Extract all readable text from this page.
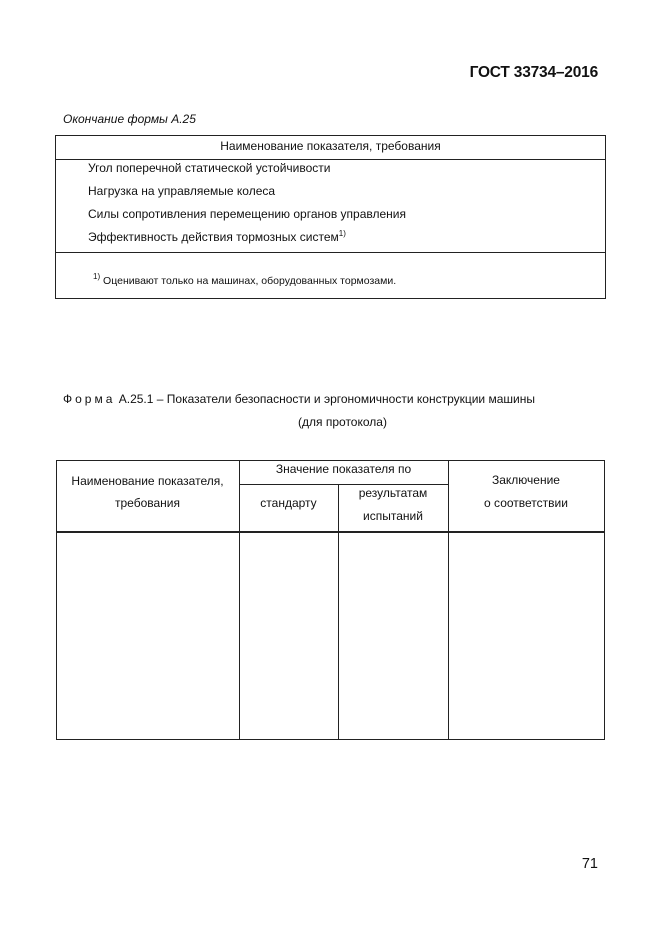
ГОСТ 33734–2016
Окончание формы А.25
Наименование показателя, требования
Угол поперечной статической устойчивости
Нагрузка на управляемые колеса
Силы сопротивления перемещению органов управления
Эффективность действия тормозных систем$^{1)}$
$^{1)}$ Оценивают только на машинах, оборудованных тормозами.
Форма А.25.1 – Показатели безопасности и эргономичности конструкции машины
(для протокола)
Наименование показателя,
требования
Значение показателя по
стандарту
результатам
испытаний
Заключение
о соответствии
71
